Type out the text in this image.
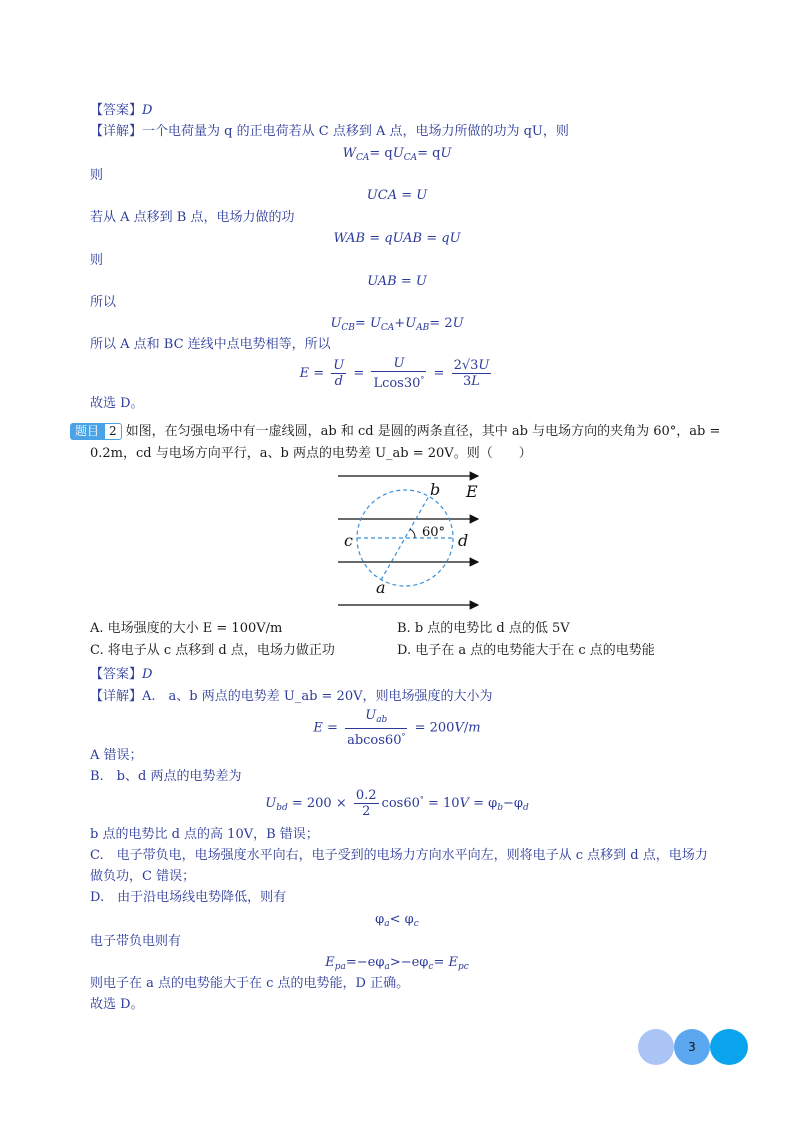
【答案】D
【详解】一个电荷量为 q 的正电荷若从 C 点移到 A 点，电场力所做的功为 qU，则
$W_{CA}= qU_{CA}=$ qU
则
UCA = U
若从 A 点移到 B 点，电场力做的功
WAB = qUAB = qU
则
UAB = U
所以
$U_{CB}= U_{CA}+U_{AB}= 2U$
所以 A 点和 BC 连线中点电势相等，所以
$E = \frac{U}{d} = \frac{U}{Lcos30^\circ} = \frac{2√3U}{3L}$
故选 D。
题目 2 如图，在匀强电场中有一虚线圆，ab 和 cd 是圆的两条直径，其中 ab 与电场方向的夹角为 60°，ab =
0.2m，cd 与电场方向平行，a、b 两点的电势差 U_ab = 20V。则（　　）
b E
60°
c	d
a
A. 电场强度的大小 E = 100V/m	B. b 点的电势比 d 点的低 5V
C. 将电子从 c 点移到 d 点，电场力做正功	D. 电子在 a 点的电势能大于在 c 点的电势能
【答案】D
【详解】A.　a、b 两点的电势差 U_ab = 20V，则电场强度的大小为
$E = \frac{U_{ab}}{abcos60^\circ} = 200V/m$
A 错误；
B.　b、d 两点的电势差为
$U_{bd} = 200 \times \frac{0.2}{2} \cos 60^\circ = 10V = \varphi_b-\varphi_d$
b 点的电势比 d 点的高 10V，B 错误；
C.　电子带负电，电场强度水平向右，电子受到的电场力方向水平向左，则将电子从 c 点移到 d 点，电场力
做负功，C 错误；
D.　由于沿电场线电势降低，则有
$\varphi_a< \varphi_c$
电子带负电则有
$E_{pa}=-e\varphi_a>-e\varphi_c= E_{pc}$
则电子在 a 点的电势能大于在 c 点的电势能，D 正确。
故选 D。
3
